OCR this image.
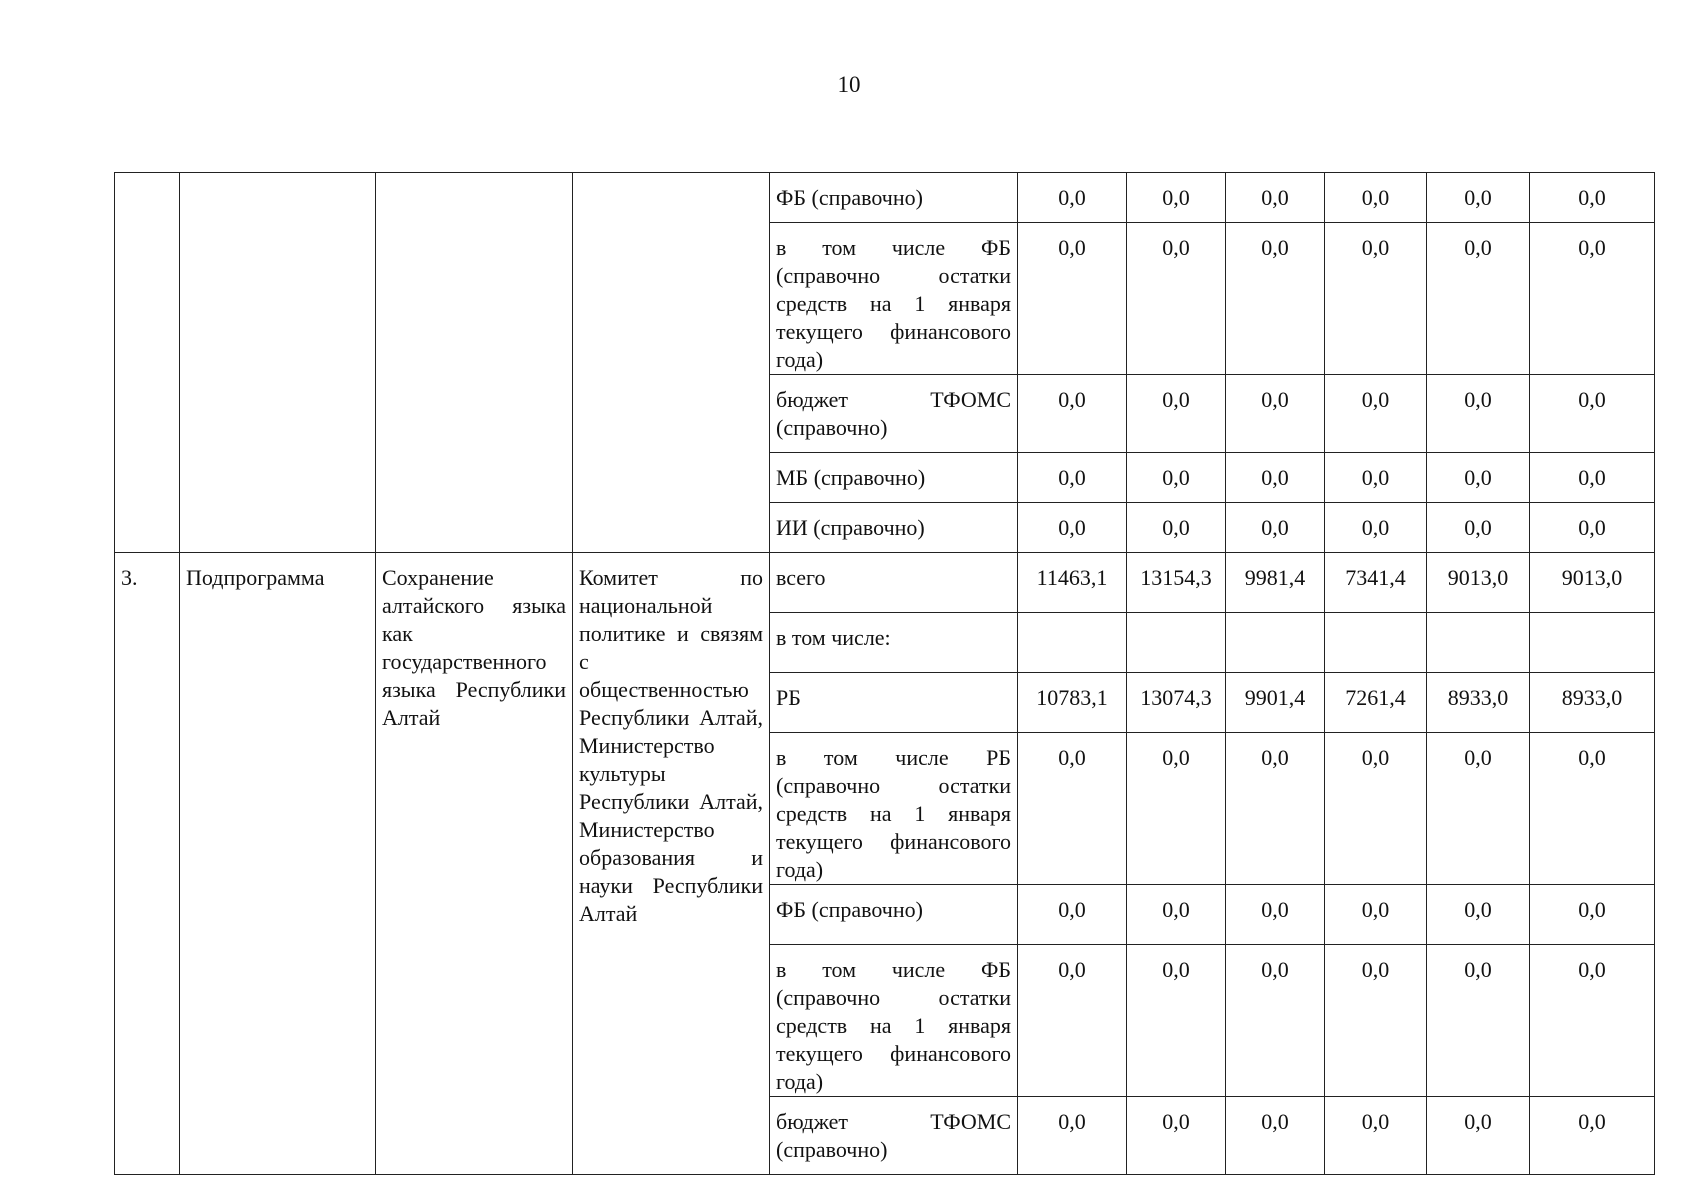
10
				ФБ (справочно)	0,0	0,0	0,0	0,0	0,0	0,0
				в том числе ФБ (справочно остатки средств на 1 января текущего финансового года)	0,0	0,0	0,0	0,0	0,0	0,0
				бюджет ТФОМС (справочно)	0,0	0,0	0,0	0,0	0,0	0,0
				МБ (справочно)	0,0	0,0	0,0	0,0	0,0	0,0
				ИИ (справочно)	0,0	0,0	0,0	0,0	0,0	0,0
3.	Подпрограмма	Сохранение алтайского языка как государственного языка Республики Алтай	Комитет по национальной политике и связям с общественностью Республики Алтай, Министерство культуры Республики Алтай, Министерство образования и науки Республики Алтай	всего	11463,1	13154,3	9981,4	7341,4	9013,0	9013,0
				в том числе:						
				РБ	10783,1	13074,3	9901,4	7261,4	8933,0	8933,0
				в том числе РБ (справочно остатки средств на 1 января текущего финансового года)	0,0	0,0	0,0	0,0	0,0	0,0
				ФБ (справочно)	0,0	0,0	0,0	0,0	0,0	0,0
				в том числе ФБ (справочно остатки средств на 1 января текущего финансового года)	0,0	0,0	0,0	0,0	0,0	0,0
				бюджет ТФОМС (справочно)	0,0	0,0	0,0	0,0	0,0	0,0
